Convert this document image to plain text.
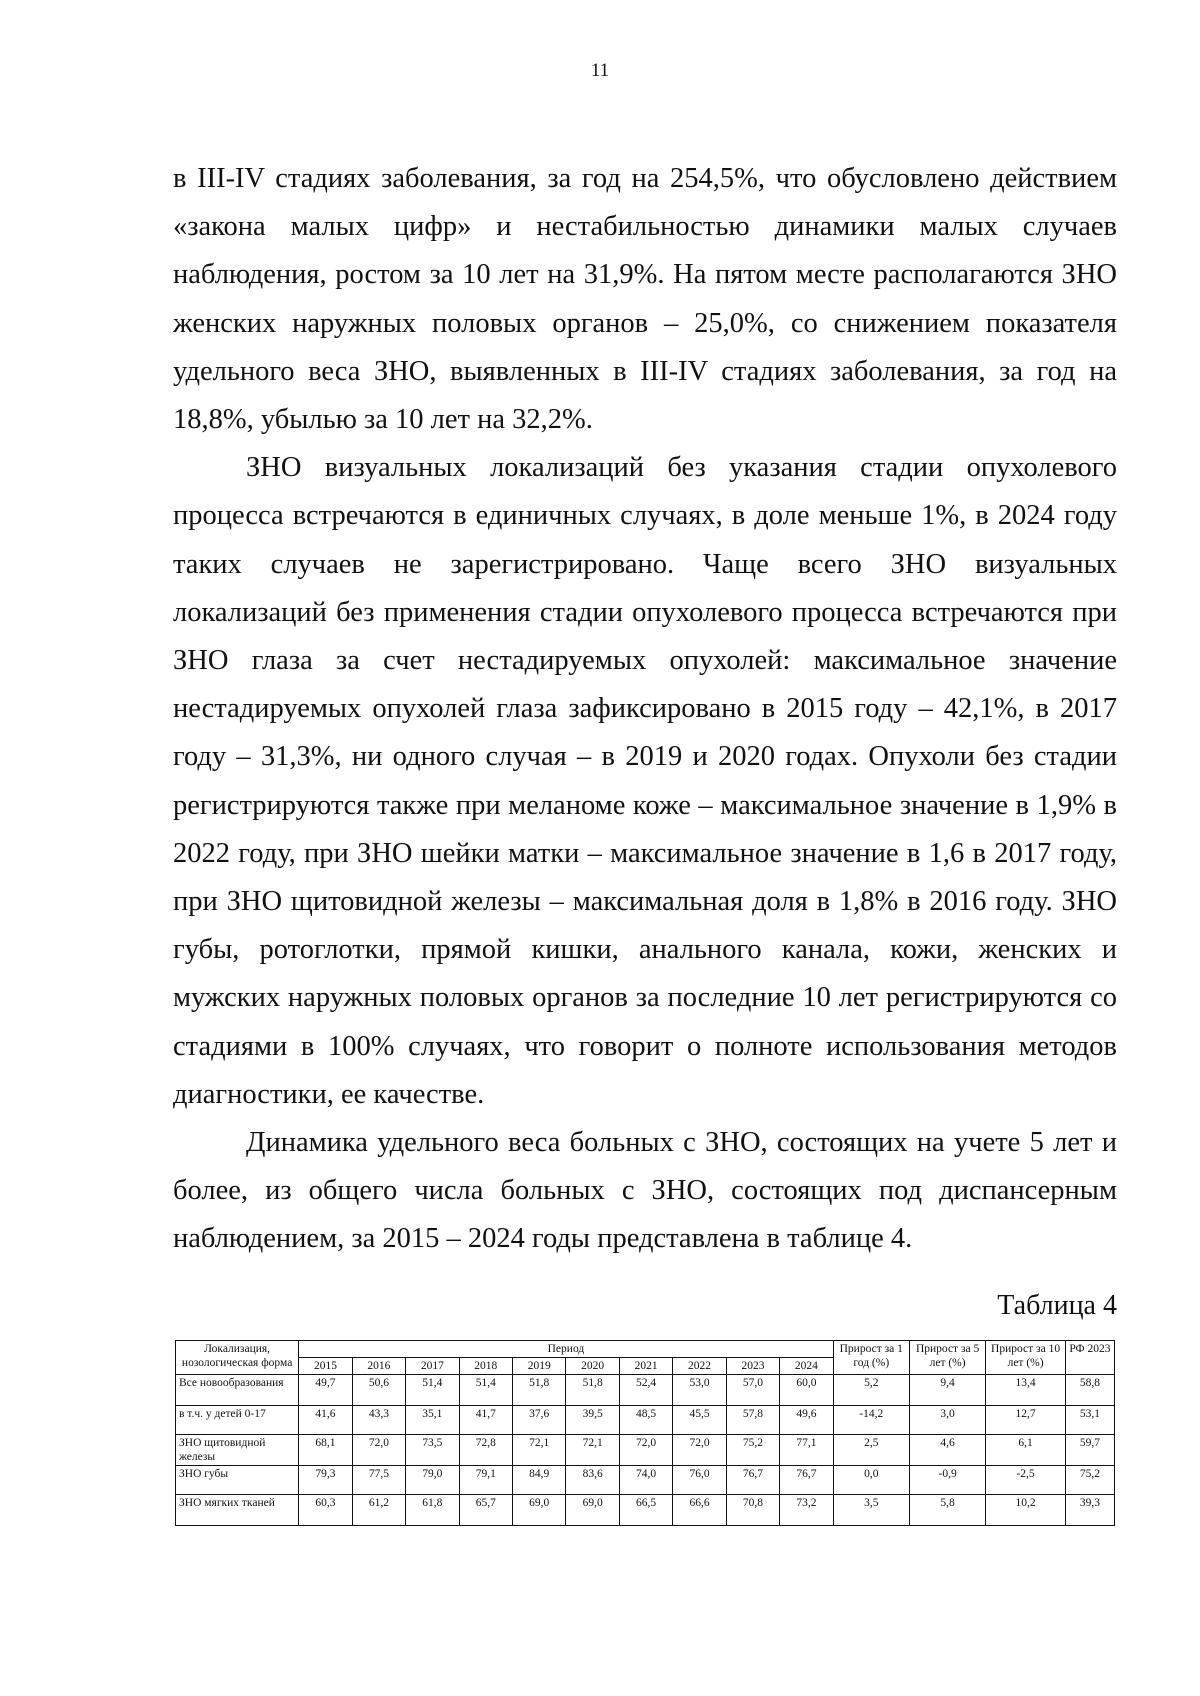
11

в III-IV стадиях заболевания, за год на 254,5%, что обусловлено действием «закона малых цифр» и нестабильностью динамики малых случаев наблюдения, ростом за 10 лет на 31,9%. На пятом месте располагаются ЗНО женских наружных половых органов – 25,0%, со снижением показателя удельного веса ЗНО, выявленных в III-IV стадиях заболевания, за год на 18,8%, убылью за 10 лет на 32,2%.

ЗНО визуальных локализаций без указания стадии опухолевого процесса встречаются в единичных случаях, в доле меньше 1%, в 2024 году таких случаев не зарегистрировано. Чаще всего ЗНО визуальных локализаций без применения стадии опухолевого процесса встречаются при ЗНО глаза за счет нестадируемых опухолей: максимальное значение нестадируемых опухолей глаза зафиксировано в 2015 году – 42,1%, в 2017 году – 31,3%, ни одного случая – в 2019 и 2020 годах. Опухоли без стадии регистрируются также при меланоме коже – максимальное значение в 1,9% в 2022 году, при ЗНО шейки матки – максимальное значение в 1,6 в 2017 году, при ЗНО щитовидной железы – максимальная доля в 1,8% в 2016 году. ЗНО губы, ротоглотки, прямой кишки, анального канала, кожи, женских и мужских наружных половых органов за последние 10 лет регистрируются со стадиями в 100% случаях, что говорит о полноте использования методов диагностики, ее качестве.

Динамика удельного веса больных с ЗНО, состоящих на учете 5 лет и более, из общего числа больных с ЗНО, состоящих под диспансерным наблюдением, за 2015 – 2024 годы представлена в таблице 4.

Таблица 4
Локализация, нозологическая форма	Период										Прирост за 1 год (%)	Прирост за 5 лет (%)	Прирост за 10 лет (%)	РФ 2023
	2015	2016	2017	2018	2019	2020	2021	2022	2023	2024				
Все новообразования	49,7	50,6	51,4	51,4	51,8	51,8	52,4	53,0	57,0	60,0	5,2	9,4	13,4	58,8
в т.ч. у детей 0-17	41,6	43,3	35,1	41,7	37,6	39,5	48,5	45,5	57,8	49,6	-14,2	3,0	12,7	53,1
ЗНО щитовидной железы	68,1	72,0	73,5	72,8	72,1	72,1	72,0	72,0	75,2	77,1	2,5	4,6	6,1	59,7
ЗНО губы	79,3	77,5	79,0	79,1	84,9	83,6	74,0	76,0	76,7	76,7	0,0	-0,9	-2,5	75,2
ЗНО мягких тканей	60,3	61,2	61,8	65,7	69,0	69,0	66,5	66,6	70,8	73,2	3,5	5,8	10,2	39,3
